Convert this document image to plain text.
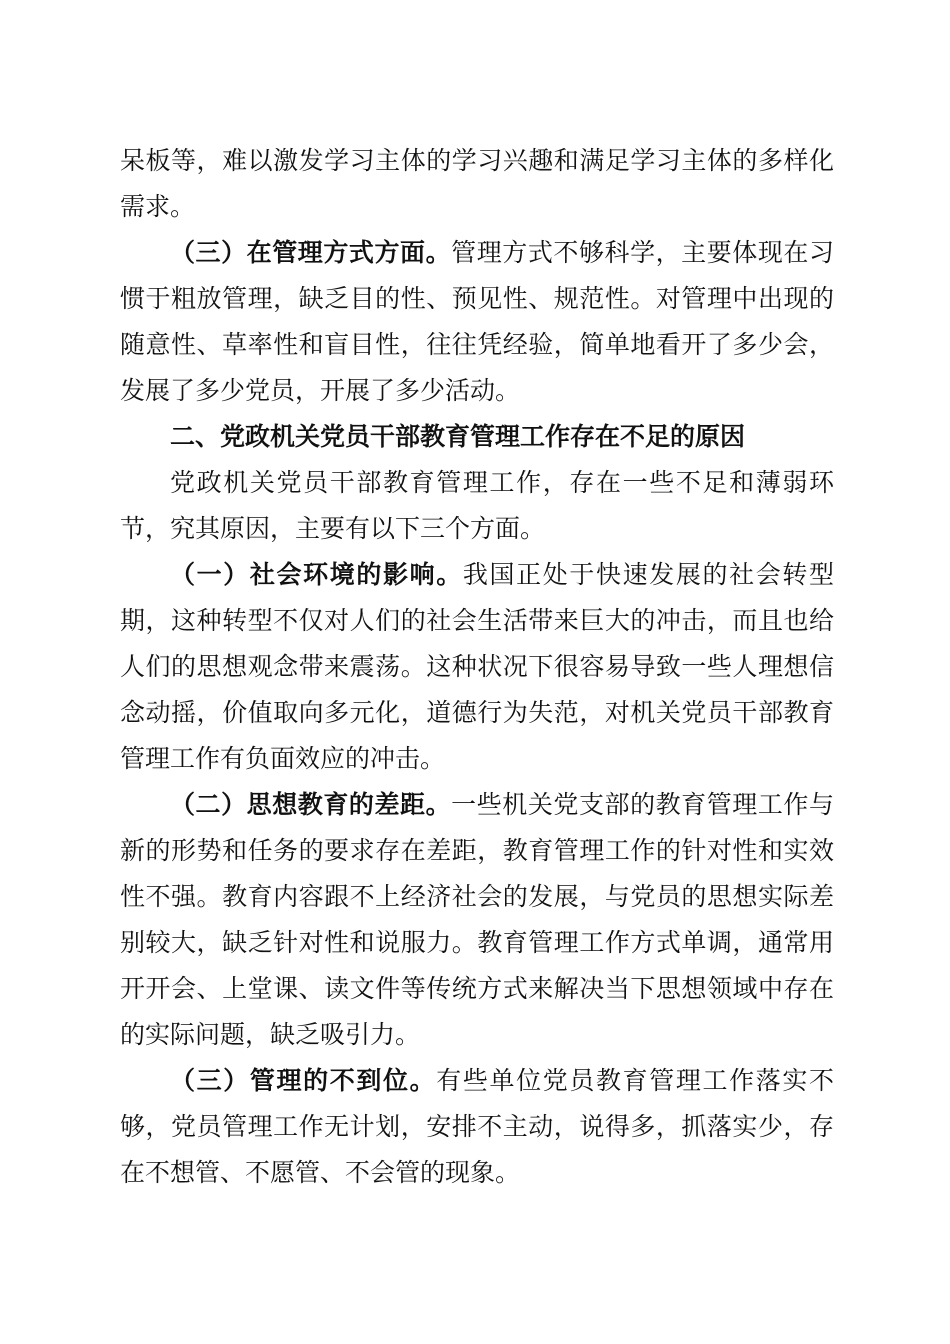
呆板等，难以激发学习主体的学习兴趣和满足学习主体的多样化需求。

（三）在管理方式方面。管理方式不够科学，主要体现在习惯于粗放管理，缺乏目的性、预见性、规范性。对管理中出现的随意性、草率性和盲目性，往往凭经验，简单地看开了多少会，发展了多少党员，开展了多少活动。

二、党政机关党员干部教育管理工作存在不足的原因

党政机关党员干部教育管理工作，存在一些不足和薄弱环节，究其原因，主要有以下三个方面。

（一）社会环境的影响。我国正处于快速发展的社会转型期，这种转型不仅对人们的社会生活带来巨大的冲击，而且也给人们的思想观念带来震荡。这种状况下很容易导致一些人理想信念动摇，价值取向多元化，道德行为失范，对机关党员干部教育管理工作有负面效应的冲击。

（二）思想教育的差距。一些机关党支部的教育管理工作与新的形势和任务的要求存在差距，教育管理工作的针对性和实效性不强。教育内容跟不上经济社会的发展，与党员的思想实际差别较大，缺乏针对性和说服力。教育管理工作方式单调，通常用开开会、上堂课、读文件等传统方式来解决当下思想领域中存在的实际问题，缺乏吸引力。

（三）管理的不到位。有些单位党员教育管理工作落实不够，党员管理工作无计划，安排不主动，说得多，抓落实少，存在不想管、不愿管、不会管的现象。
